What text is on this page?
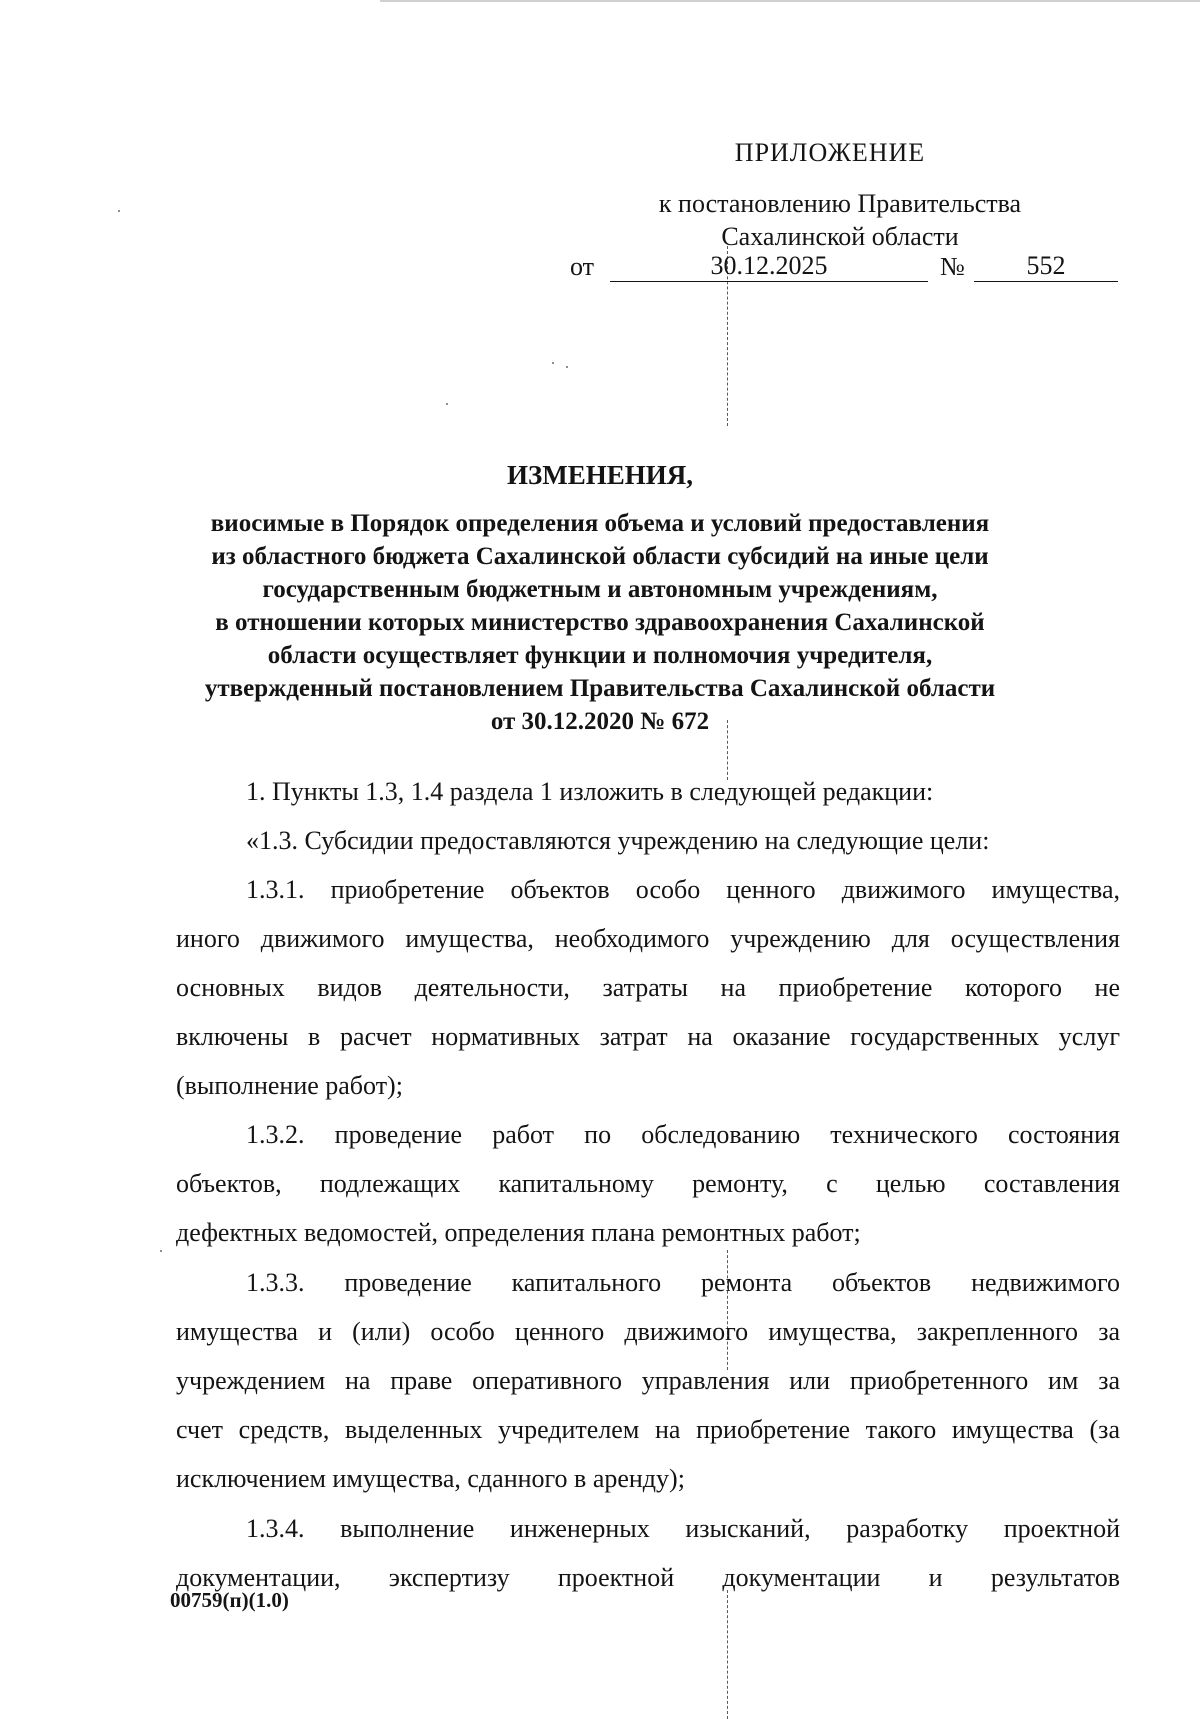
ПРИЛОЖЕНИЕ
к постановлению Правительства
Сахалинской области
от	30.12.2025	№	552
ИЗМЕНЕНИЯ,
виосимые в Порядок определения объема и условий предоставления
из областного бюджета Сахалинской области субсидий на иные цели
государственным бюджетным и автономным учреждениям,
в отношении которых министерство здравоохранения Сахалинской
области осуществляет функции и полномочия учредителя,
утвержденный постановлением Правительства Сахалинской области
от 30.12.2020 № 672
1. Пункты 1.3, 1.4 раздела 1 изложить в следующей редакции:
«1.3. Субсидии предоставляются учреждению на следующие цели:
1.3.1. приобретение объектов особо ценного движимого имущества,
иного движимого имущества, необходимого учреждению для осуществления
основных видов деятельности, затраты на приобретение которого не
включены в расчет нормативных затрат на оказание государственных услуг
(выполнение работ);
1.3.2. проведение работ по обследованию технического состояния
объектов, подлежащих капитальному ремонту, с целью составления
дефектных ведомостей, определения плана ремонтных работ;
1.3.3. проведение капитального ремонта объектов недвижимого
имущества и (или) особо ценного движимого имущества, закрепленного за
учреждением на праве оперативного управления или приобретенного им за
счет средств, выделенных учредителем на приобретение такого имущества (за
исключением имущества, сданного в аренду);
1.3.4. выполнение инженерных изысканий, разработку проектной
документации, экспертизу проектной документации и результатов
00759(п)(1.0)
